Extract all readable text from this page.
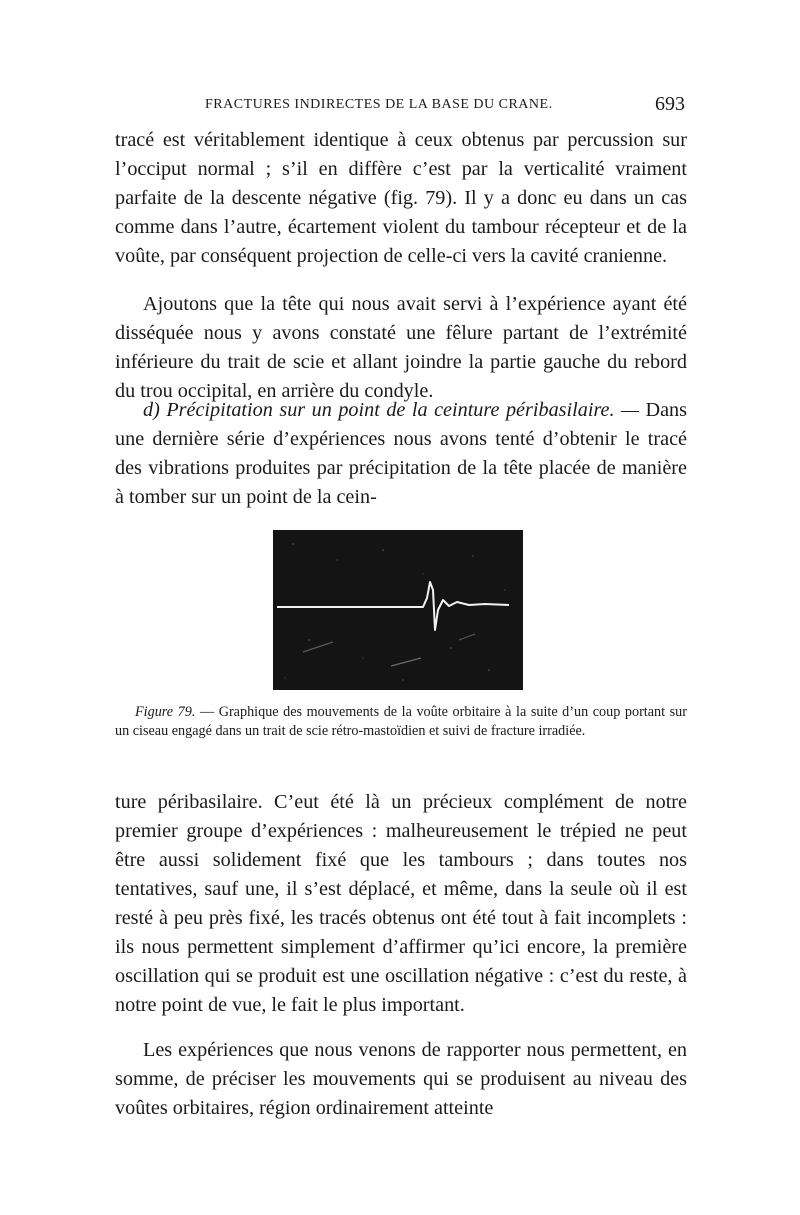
FRACTURES INDIRECTES DE LA BASE DU CRANE.	693

tracé est véritablement identique à ceux obtenus par percussion sur l’occiput normal ; s’il en diffère c’est par la verticalité vraiment parfaite de la descente négative (fig. 79). Il y a donc eu dans un cas comme dans l’autre, écartement violent du tambour récepteur et de la voûte, par conséquent projection de celle-ci vers la cavité cranienne.

Ajoutons que la tête qui nous avait servi à l’expérience ayant été disséquée nous y avons constaté une fêlure partant de l’extrémité inférieure du trait de scie et allant joindre la partie gauche du rebord du trou occipital, en arrière du condyle.

d) Précipitation sur un point de la ceinture péribasilaire. — Dans une dernière série d’expériences nous avons tenté d’obtenir le tracé des vibrations produites par précipitation de la tête placée de manière à tomber sur un point de la cein-

Figure 79. — Graphique des mouvements de la voûte orbitaire à la suite d’un coup portant sur un ciseau engagé dans un trait de scie rétro-mastoïdien et suivi de fracture irradiée.

ture péribasilaire. C’eut été là un précieux complément de notre premier groupe d’expériences : malheureusement le trépied ne peut être aussi solidement fixé que les tambours ; dans toutes nos tentatives, sauf une, il s’est déplacé, et même, dans la seule où il est resté à peu près fixé, les tracés obtenus ont été tout à fait incomplets : ils nous permettent simplement d’affirmer qu’ici encore, la première oscillation qui se produit est une oscillation négative : c’est du reste, à notre point de vue, le fait le plus important.

Les expériences que nous venons de rapporter nous permettent, en somme, de préciser les mouvements qui se produisent au niveau des voûtes orbitaires, région ordinairement atteinte
